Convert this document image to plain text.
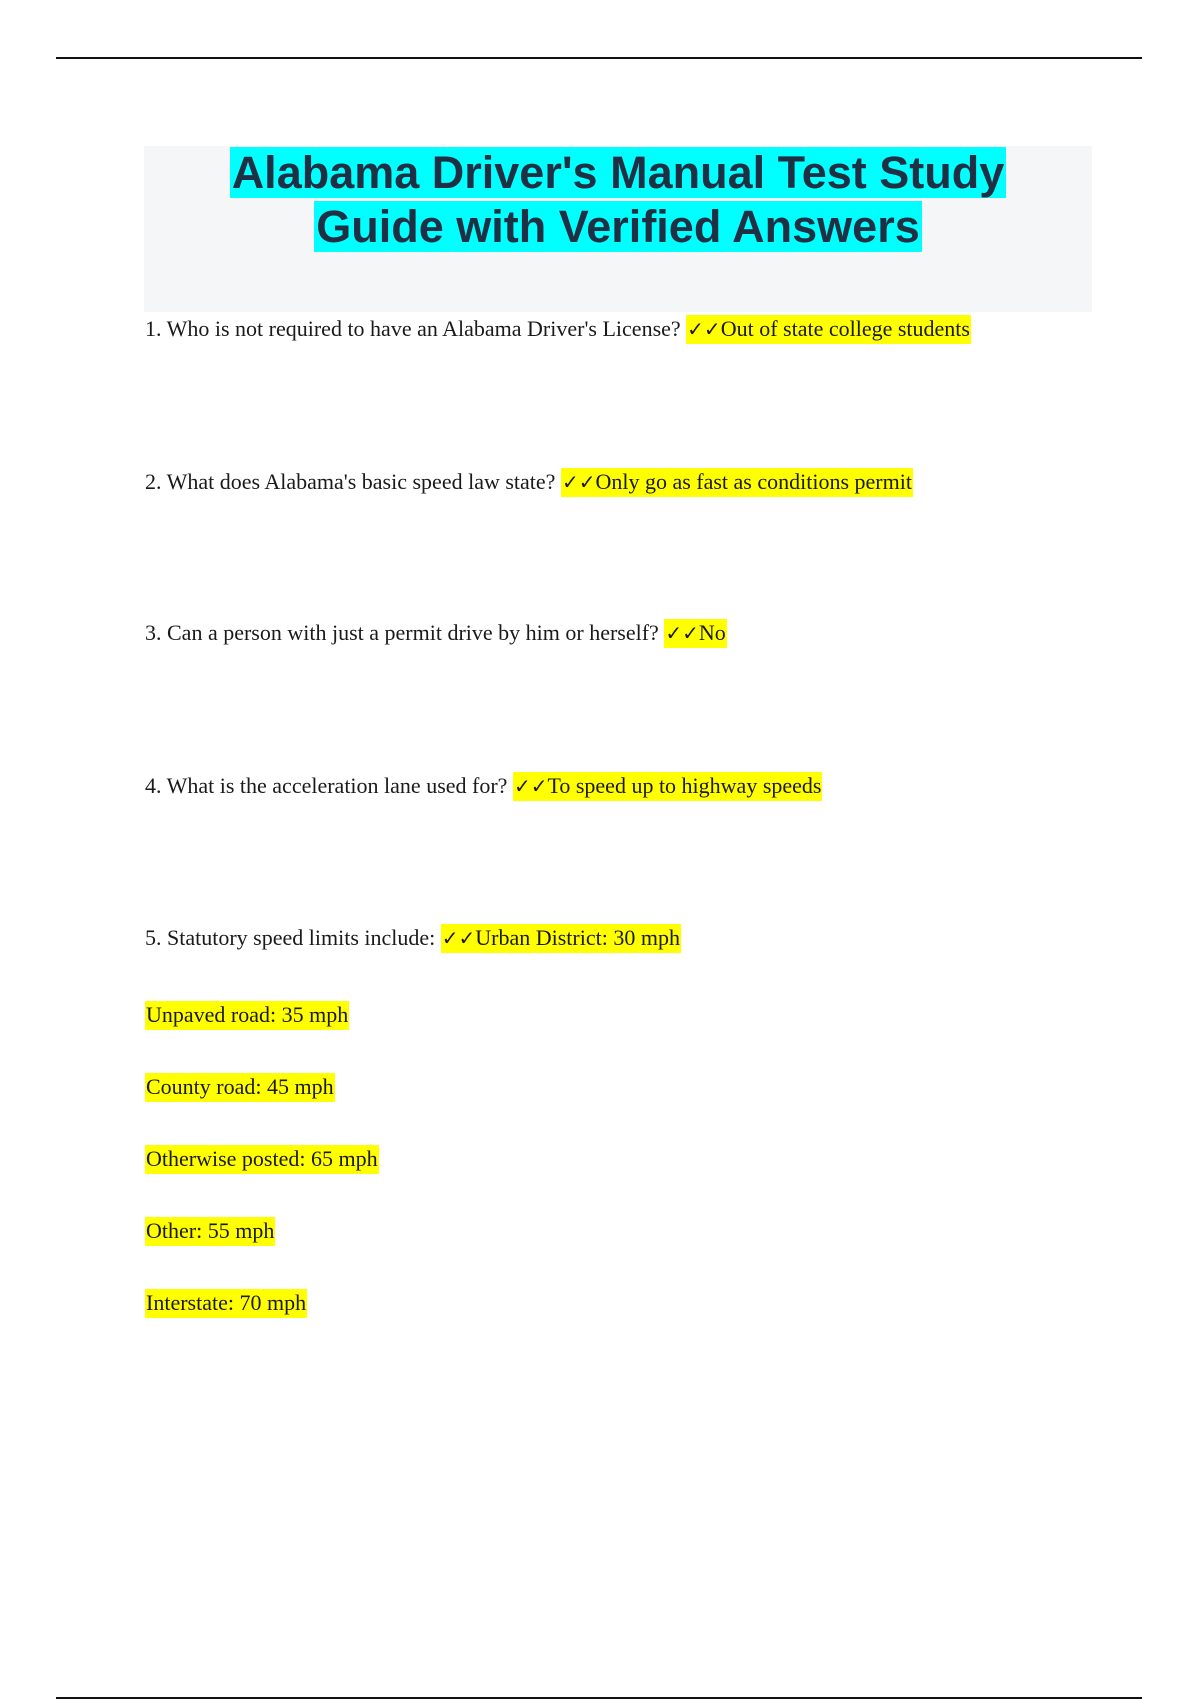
Alabama Driver's Manual Test Study
Guide with Verified Answers

1. Who is not required to have an Alabama Driver's License? ✓✓Out of state college students

2. What does Alabama's basic speed law state? ✓✓Only go as fast as conditions permit

3. Can a person with just a permit drive by him or herself? ✓✓No

4. What is the acceleration lane used for? ✓✓To speed up to highway speeds

5. Statutory speed limits include: ✓✓Urban District: 30 mph

Unpaved road: 35 mph

County road: 45 mph

Otherwise posted: 65 mph

Other: 55 mph

Interstate: 70 mph
